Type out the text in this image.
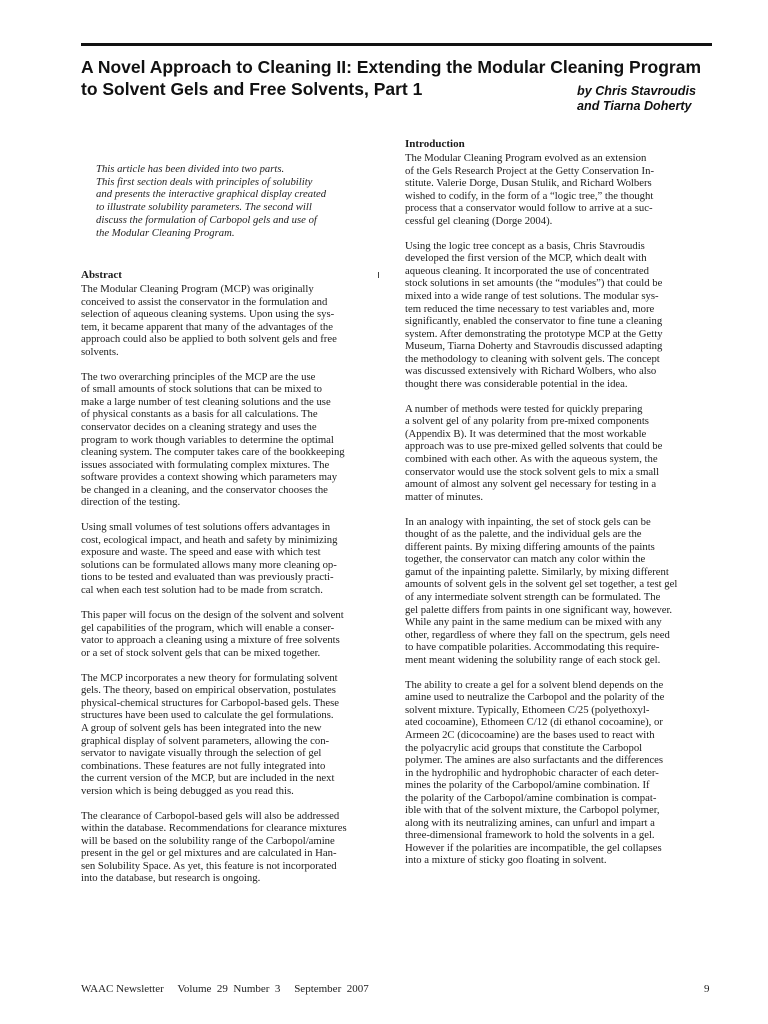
A Novel Approach to Cleaning II: Extending the Modular Cleaning Program to Solvent Gels and Free Solvents, Part 1	by Chris Stavroudis
and Tiarna Doherty
This article has been divided into two parts.
This first section deals with principles of solubility
and presents the interactive graphical display created
to illustrate solubility parameters. The second will
discuss the formulation of Carbopol gels and use of
the Modular Cleaning Program.
Abstract

The Modular Cleaning Program (MCP) was originally
conceived to assist the conservator in the formulation and
selection of aqueous cleaning systems. Upon using the sys-
tem, it became apparent that many of the advantages of the
approach could also be applied to both solvent gels and free
solvents.

The two overarching principles of the MCP are the use
of small amounts of stock solutions that can be mixed to
make a large number of test cleaning solutions and the use
of physical constants as a basis for all calculations. The
conservator decides on a cleaning strategy and uses the
program to work though variables to determine the optimal
cleaning system. The computer takes care of the bookkeeping
issues associated with formulating complex mixtures. The
software provides a context showing which parameters may
be changed in a cleaning, and the conservator chooses the
direction of the testing.

Using small volumes of test solutions offers advantages in
cost, ecological impact, and heath and safety by minimizing
exposure and waste. The speed and ease with which test
solutions can be formulated allows many more cleaning op-
tions to be tested and evaluated than was previously practi-
cal when each test solution had to be made from scratch.

This paper will focus on the design of the solvent and solvent
gel capabilities of the program, which will enable a conser-
vator to approach a cleaning using a mixture of free solvents
or a set of stock solvent gels that can be mixed together.

The MCP incorporates a new theory for formulating solvent
gels. The theory, based on empirical observation, postulates
physical-chemical structures for Carbopol-based gels. These
structures have been used to calculate the gel formulations.
A group of solvent gels has been integrated into the new
graphical display of solvent parameters, allowing the con-
servator to navigate visually through the selection of gel
combinations. These features are not fully integrated into
the current version of the MCP, but are included in the next
version which is being debugged as you read this.

The clearance of Carbopol-based gels will also be addressed
within the database. Recommendations for clearance mixtures
will be based on the solubility range of the Carbopol/amine
present in the gel or gel mixtures and are calculated in Han-
sen Solubility Space. As yet, this feature is not incorporated
into the database, but research is ongoing.

Introduction

The Modular Cleaning Program evolved as an extension
of the Gels Research Project at the Getty Conservation In-
stitute. Valerie Dorge, Dusan Stulik, and Richard Wolbers
wished to codify, in the form of a “logic tree,” the thought
process that a conservator would follow to arrive at a suc-
cessful gel cleaning (Dorge 2004).

Using the logic tree concept as a basis, Chris Stavroudis
developed the first version of the MCP, which dealt with
aqueous cleaning. It incorporated the use of concentrated
stock solutions in set amounts (the “modules”) that could be
mixed into a wide range of test solutions. The modular sys-
tem reduced the time necessary to test variables and, more
significantly, enabled the conservator to fine tune a cleaning
system. After demonstrating the prototype MCP at the Getty
Museum, Tiarna Doherty and Stavroudis discussed adapting
the methodology to cleaning with solvent gels. The concept
was discussed extensively with Richard Wolbers, who also
thought there was considerable potential in the idea.

A number of methods were tested for quickly preparing
a solvent gel of any polarity from pre-mixed components
(Appendix B). It was determined that the most workable
approach was to use pre-mixed gelled solvents that could be
combined with each other. As with the aqueous system, the
conservator would use the stock solvent gels to mix a small
amount of almost any solvent gel necessary for testing in a
matter of minutes.

In an analogy with inpainting, the set of stock gels can be
thought of as the palette, and the individual gels are the
different paints. By mixing differing amounts of the paints
together, the conservator can match any color within the
gamut of the inpainting palette. Similarly, by mixing different
amounts of solvent gels in the solvent gel set together, a test gel
of any intermediate solvent strength can be formulated. The
gel palette differs from paints in one significant way, however.
While any paint in the same medium can be mixed with any
other, regardless of where they fall on the spectrum, gels need
to have compatible polarities. Accommodating this require-
ment meant widening the solubility range of each stock gel.

The ability to create a gel for a solvent blend depends on the
amine used to neutralize the Carbopol and the polarity of the
solvent mixture. Typically, Ethomeen C/25 (polyethoxyl-
ated cocoamine), Ethomeen C/12 (di ethanol cocoamine), or
Armeen 2C (dicocoamine) are the bases used to react with
the polyacrylic acid groups that constitute the Carbopol
polymer. The amines are also surfactants and the differences
in the hydrophilic and hydrophobic character of each deter-
mines the polarity of the Carbopol/amine combination. If
the polarity of the Carbopol/amine combination is compat-
ible with that of the solvent mixture, the Carbopol polymer,
along with its neutralizing amines, can unfurl and impart a
three-dimensional framework to hold the solvents in a gel.
However if the polarities are incompatible, the gel collapses
into a mixture of sticky goo floating in solvent.

WAAC Newsletter Volume  29  Number  3 September  2007	9
